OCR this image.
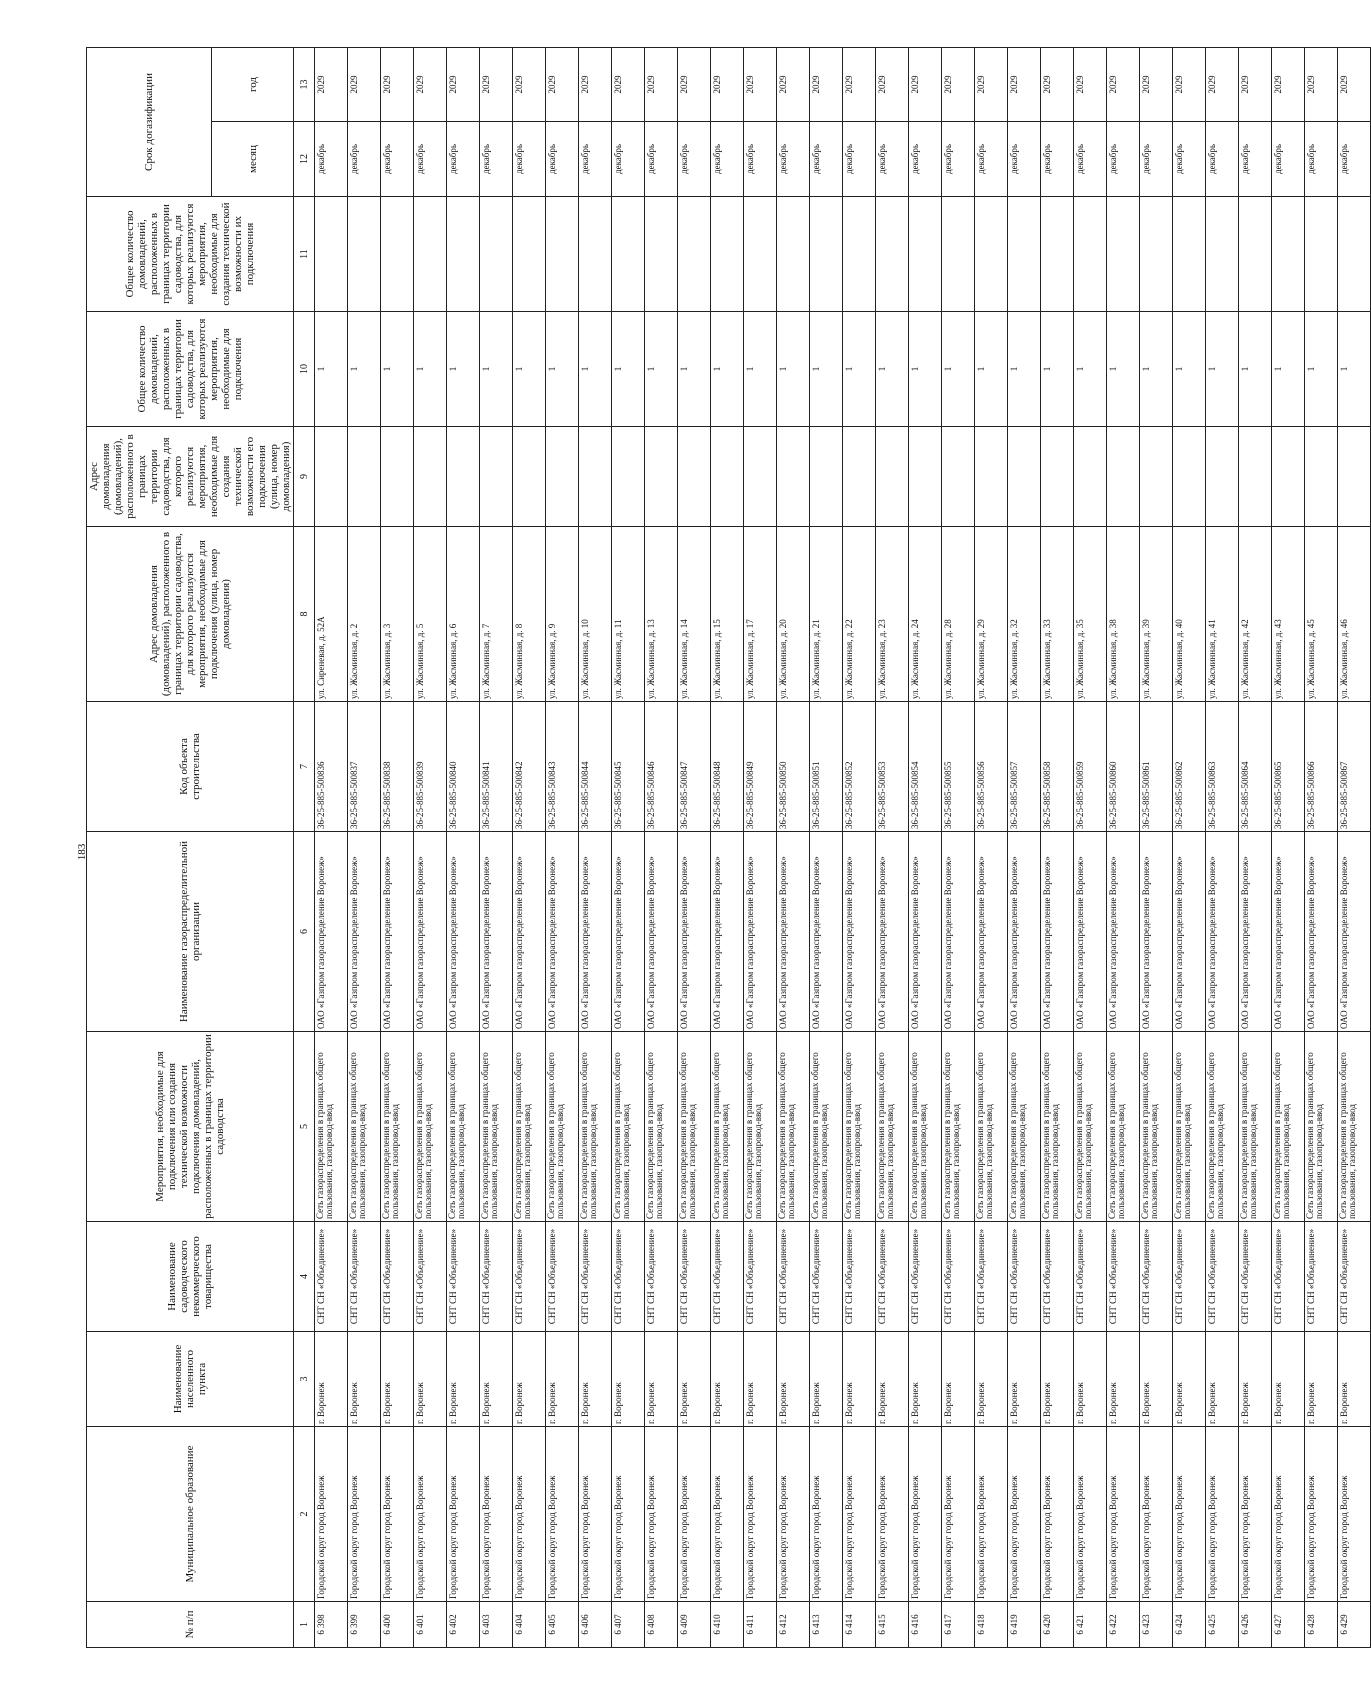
183
№ п/п	Муниципальное образование	Наименование населенного пункта	Наименование садоводческого некоммерческого товарищества	Мероприятия, необходимые для подключения или создания технической возможности подключения домовладений, расположенных в границах территории садоводства	Наименование газораспределительной организации	Код объекта строительства	Адрес домовладения (домовладений), расположенного в границах территории садоводства, для которого реализуются мероприятия, необходимые для подключения (улица, номер домовладения)	Адрес домовладения (домовладений), расположенного в границах территории садоводства, для которого реализуются мероприятия, необходимые для создания технической возможности его подключения (улица, номер домовладения)	Общее количество домовладений, расположенных в границах территории садоводства, для которых реализуются мероприятия, необходимые для подключения	Общее количество домовладений, расположенных в границах территории садоводства, для которых реализуются мероприятия, необходимые для создания технической возможности их подключения	Срок догазификации	
											месяц	год
1	2	3	4	5	6	7	8	9	10	11	12	13
6 398	Городской округ город Воронеж	г. Воронеж	СНТ СН «Объединение»	Сеть газораспределения в границах общего пользования, газопровод-ввод	ОАО «Газпром газораспределение Воронеж»	36-25-885-500836	ул. Сиреневая, д. 52А		1		декабрь	2029
6 399	Городской округ город Воронеж	г. Воронеж	СНТ СН «Объединение»	Сеть газораспределения в границах общего пользования, газопровод-ввод	ОАО «Газпром газораспределение Воронеж»	36-25-885-500837	ул. Жасминная, д. 2		1		декабрь	2029
6 400	Городской округ город Воронеж	г. Воронеж	СНТ СН «Объединение»	Сеть газораспределения в границах общего пользования, газопровод-ввод	ОАО «Газпром газораспределение Воронеж»	36-25-885-500838	ул. Жасминная, д. 3		1		декабрь	2029
6 401	Городской округ город Воронеж	г. Воронеж	СНТ СН «Объединение»	Сеть газораспределения в границах общего пользования, газопровод-ввод	ОАО «Газпром газораспределение Воронеж»	36-25-885-500839	ул. Жасминная, д. 5		1		декабрь	2029
6 402	Городской округ город Воронеж	г. Воронеж	СНТ СН «Объединение»	Сеть газораспределения в границах общего пользования, газопровод-ввод	ОАО «Газпром газораспределение Воронеж»	36-25-885-500840	ул. Жасминная, д. 6		1		декабрь	2029
6 403	Городской округ город Воронеж	г. Воронеж	СНТ СН «Объединение»	Сеть газораспределения в границах общего пользования, газопровод-ввод	ОАО «Газпром газораспределение Воронеж»	36-25-885-500841	ул. Жасминная, д. 7		1		декабрь	2029
6 404	Городской округ город Воронеж	г. Воронеж	СНТ СН «Объединение»	Сеть газораспределения в границах общего пользования, газопровод-ввод	ОАО «Газпром газораспределение Воронеж»	36-25-885-500842	ул. Жасминная, д. 8		1		декабрь	2029
6 405	Городской округ город Воронеж	г. Воронеж	СНТ СН «Объединение»	Сеть газораспределения в границах общего пользования, газопровод-ввод	ОАО «Газпром газораспределение Воронеж»	36-25-885-500843	ул. Жасминная, д. 9		1		декабрь	2029
6 406	Городской округ город Воронеж	г. Воронеж	СНТ СН «Объединение»	Сеть газораспределения в границах общего пользования, газопровод-ввод	ОАО «Газпром газораспределение Воронеж»	36-25-885-500844	ул. Жасминная, д. 10		1		декабрь	2029
6 407	Городской округ город Воронеж	г. Воронеж	СНТ СН «Объединение»	Сеть газораспределения в границах общего пользования, газопровод-ввод	ОАО «Газпром газораспределение Воронеж»	36-25-885-500845	ул. Жасминная, д. 11		1		декабрь	2029
6 408	Городской округ город Воронеж	г. Воронеж	СНТ СН «Объединение»	Сеть газораспределения в границах общего пользования, газопровод-ввод	ОАО «Газпром газораспределение Воронеж»	36-25-885-500846	ул. Жасминная, д. 13		1		декабрь	2029
6 409	Городской округ город Воронеж	г. Воронеж	СНТ СН «Объединение»	Сеть газораспределения в границах общего пользования, газопровод-ввод	ОАО «Газпром газораспределение Воронеж»	36-25-885-500847	ул. Жасминная, д. 14		1		декабрь	2029
6 410	Городской округ город Воронеж	г. Воронеж	СНТ СН «Объединение»	Сеть газораспределения в границах общего пользования, газопровод-ввод	ОАО «Газпром газораспределение Воронеж»	36-25-885-500848	ул. Жасминная, д. 15		1		декабрь	2029
6 411	Городской округ город Воронеж	г. Воронеж	СНТ СН «Объединение»	Сеть газораспределения в границах общего пользования, газопровод-ввод	ОАО «Газпром газораспределение Воронеж»	36-25-885-500849	ул. Жасминная, д. 17		1		декабрь	2029
6 412	Городской округ город Воронеж	г. Воронеж	СНТ СН «Объединение»	Сеть газораспределения в границах общего пользования, газопровод-ввод	ОАО «Газпром газораспределение Воронеж»	36-25-885-500850	ул. Жасминная, д. 20		1		декабрь	2029
6 413	Городской округ город Воронеж	г. Воронеж	СНТ СН «Объединение»	Сеть газораспределения в границах общего пользования, газопровод-ввод	ОАО «Газпром газораспределение Воронеж»	36-25-885-500851	ул. Жасминная, д. 21		1		декабрь	2029
6 414	Городской округ город Воронеж	г. Воронеж	СНТ СН «Объединение»	Сеть газораспределения в границах общего пользования, газопровод-ввод	ОАО «Газпром газораспределение Воронеж»	36-25-885-500852	ул. Жасминная, д. 22		1		декабрь	2029
6 415	Городской округ город Воронеж	г. Воронеж	СНТ СН «Объединение»	Сеть газораспределения в границах общего пользования, газопровод-ввод	ОАО «Газпром газораспределение Воронеж»	36-25-885-500853	ул. Жасминная, д. 23		1		декабрь	2029
6 416	Городской округ город Воронеж	г. Воронеж	СНТ СН «Объединение»	Сеть газораспределения в границах общего пользования, газопровод-ввод	ОАО «Газпром газораспределение Воронеж»	36-25-885-500854	ул. Жасминная, д. 24		1		декабрь	2029
6 417	Городской округ город Воронеж	г. Воронеж	СНТ СН «Объединение»	Сеть газораспределения в границах общего пользования, газопровод-ввод	ОАО «Газпром газораспределение Воронеж»	36-25-885-500855	ул. Жасминная, д. 28		1		декабрь	2029
6 418	Городской округ город Воронеж	г. Воронеж	СНТ СН «Объединение»	Сеть газораспределения в границах общего пользования, газопровод-ввод	ОАО «Газпром газораспределение Воронеж»	36-25-885-500856	ул. Жасминная, д. 29		1		декабрь	2029
6 419	Городской округ город Воронеж	г. Воронеж	СНТ СН «Объединение»	Сеть газораспределения в границах общего пользования, газопровод-ввод	ОАО «Газпром газораспределение Воронеж»	36-25-885-500857	ул. Жасминная, д. 32		1		декабрь	2029
6 420	Городской округ город Воронеж	г. Воронеж	СНТ СН «Объединение»	Сеть газораспределения в границах общего пользования, газопровод-ввод	ОАО «Газпром газораспределение Воронеж»	36-25-885-500858	ул. Жасминная, д. 33		1		декабрь	2029
6 421	Городской округ город Воронеж	г. Воронеж	СНТ СН «Объединение»	Сеть газораспределения в границах общего пользования, газопровод-ввод	ОАО «Газпром газораспределение Воронеж»	36-25-885-500859	ул. Жасминная, д. 35		1		декабрь	2029
6 422	Городской округ город Воронеж	г. Воронеж	СНТ СН «Объединение»	Сеть газораспределения в границах общего пользования, газопровод-ввод	ОАО «Газпром газораспределение Воронеж»	36-25-885-500860	ул. Жасминная, д. 38		1		декабрь	2029
6 423	Городской округ город Воронеж	г. Воронеж	СНТ СН «Объединение»	Сеть газораспределения в границах общего пользования, газопровод-ввод	ОАО «Газпром газораспределение Воронеж»	36-25-885-500861	ул. Жасминная, д. 39		1		декабрь	2029
6 424	Городской округ город Воронеж	г. Воронеж	СНТ СН «Объединение»	Сеть газораспределения в границах общего пользования, газопровод-ввод	ОАО «Газпром газораспределение Воронеж»	36-25-885-500862	ул. Жасминная, д. 40		1		декабрь	2029
6 425	Городской округ город Воронеж	г. Воронеж	СНТ СН «Объединение»	Сеть газораспределения в границах общего пользования, газопровод-ввод	ОАО «Газпром газораспределение Воронеж»	36-25-885-500863	ул. Жасминная, д. 41		1		декабрь	2029
6 426	Городской округ город Воронеж	г. Воронеж	СНТ СН «Объединение»	Сеть газораспределения в границах общего пользования, газопровод-ввод	ОАО «Газпром газораспределение Воронеж»	36-25-885-500864	ул. Жасминная, д. 42		1		декабрь	2029
6 427	Городской округ город Воронеж	г. Воронеж	СНТ СН «Объединение»	Сеть газораспределения в границах общего пользования, газопровод-ввод	ОАО «Газпром газораспределение Воронеж»	36-25-885-500865	ул. Жасминная, д. 43		1		декабрь	2029
6 428	Городской округ город Воронеж	г. Воронеж	СНТ СН «Объединение»	Сеть газораспределения в границах общего пользования, газопровод-ввод	ОАО «Газпром газораспределение Воронеж»	36-25-885-500866	ул. Жасминная, д. 45		1		декабрь	2029
6 429	Городской округ город Воронеж	г. Воронеж	СНТ СН «Объединение»	Сеть газораспределения в границах общего пользования, газопровод-ввод	ОАО «Газпром газораспределение Воронеж»	36-25-885-500867	ул. Жасминная, д. 46		1		декабрь	2029
